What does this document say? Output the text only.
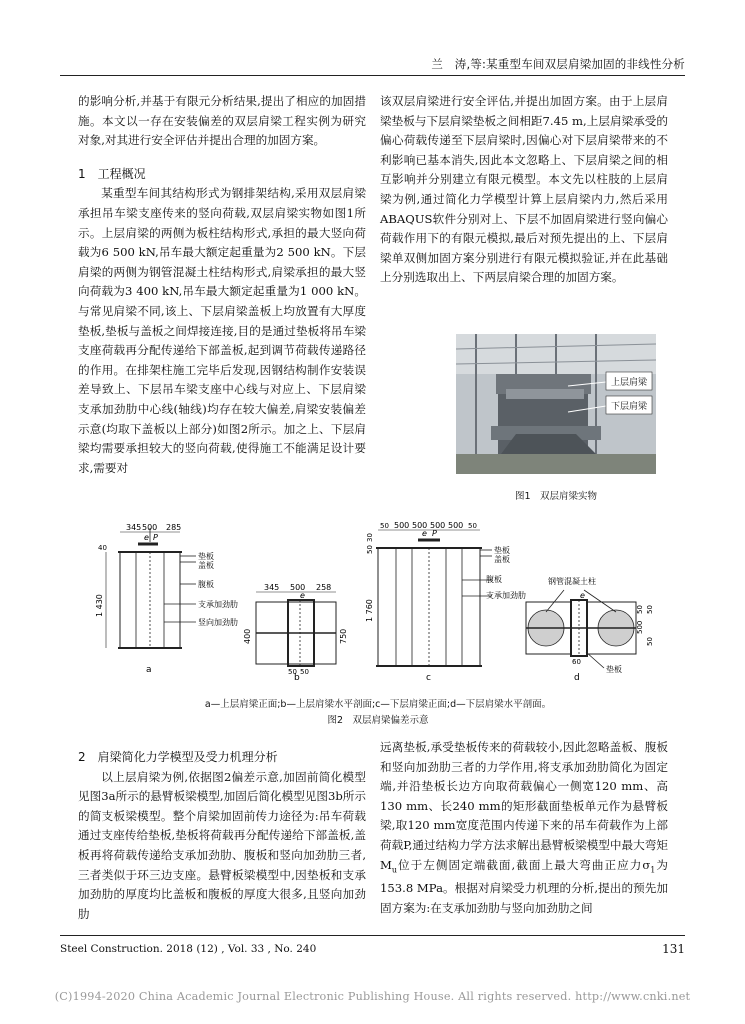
兰　涛,等:某重型车间双层肩梁加固的非线性分析

的影响分析,并基于有限元分析结果,提出了相应的加固措施。本文以一存在安装偏差的双层肩梁工程实例为研究对象,对其进行安全评估并提出合理的加固方案。

1　工程概况

某重型车间其结构形式为钢排架结构,采用双层肩梁承担吊车梁支座传来的竖向荷载,双层肩梁实物如图1所示。上层肩梁的两侧为板柱结构形式,承担的最大竖向荷载为6 500 kN,吊车最大额定起重量为2 500 kN。下层肩梁的两侧为钢管混凝土柱结构形式,肩梁承担的最大竖向荷载为3 400 kN,吊车最大额定起重量为1 000 kN。与常见肩梁不同,该上、下层肩梁盖板上均放置有大厚度垫板,垫板与盖板之间焊接连接,目的是通过垫板将吊车梁支座荷载再分配传递给下部盖板,起到调节荷载传递路径的作用。在排架柱施工完毕后发现,因钢结构制作安装误差导致上、下层吊车梁支座中心线与对应上、下层肩梁支承加劲肋中心线(轴线)均存在较大偏差,肩梁安装偏差示意(均取下盖板以上部分)如图2所示。加之上、下层肩梁均需要承担较大的竖向荷载,使得施工不能满足设计要求,需要对

该双层肩梁进行安全评估,并提出加固方案。由于上层肩梁垫板与下层肩梁垫板之间相距7.45 m,上层肩梁承受的偏心荷载传递至下层肩梁时,因偏心对下层肩梁带来的不利影响已基本消失,因此本文忽略上、下层肩梁之间的相互影响并分别建立有限元模型。本文先以柱肢的上层肩梁为例,通过简化力学模型计算上层肩梁内力,然后采用ABAQUS软件分别对上、下层不加固肩梁进行竖向偏心荷载作用下的有限元模拟,最后对预先提出的上、下层肩梁单双侧加固方案分别进行有限元模拟验证,并在此基础上分别选取出上、下两层肩梁合理的加固方案。

上层肩梁
下层肩梁
图1　双层肩梁实物
345 500 285
e P
40
1 430
垫板
盖板
腹板
支承加劲肋
竖向加劲肋
a
345 500 258
e
400	750
50 50
b
50 500 500 500 500 50
e P
30
50
1 760
垫板
盖板
腹板
支承加劲肋
c
钢管混凝土柱
50
500
50
50
e
60
垫板
d
a—上层肩梁正面;b—上层肩梁水平剖面;c—下层肩梁正面;d—下层肩梁水平剖面。
图2　双层肩梁偏差示意

2　肩梁简化力学模型及受力机理分析

以上层肩梁为例,依据图2偏差示意,加固前简化模型见图3a所示的悬臂板梁模型,加固后简化模型见图3b所示的简支板梁模型。整个肩梁加固前传力途径为:吊车荷载通过支座传给垫板,垫板将荷载再分配传递给下部盖板,盖板再将荷载传递给支承加劲肋、腹板和竖向加劲肋三者,三者类似于环三边支座。悬臂板梁模型中,因垫板和支承加劲肋的厚度均比盖板和腹板的厚度大很多,且竖向加劲肋

远离垫板,承受垫板传来的荷载较小,因此忽略盖板、腹板和竖向加劲肋三者的力学作用,将支承加劲肋简化为固定端,并沿垫板长边方向取荷载偏心一侧宽120 mm、高130 mm、长240 mm的矩形截面垫板单元作为悬臂板梁,取120 mm宽度范围内传递下来的吊车荷载作为上部荷载P,通过结构力学方法求解出悬臂板梁模型中最大弯矩$M_u$位于左侧固定端截面,截面上最大弯曲正应力$\sigma_1$为153.8 MPa。根据对肩梁受力机理的分析,提出的预先加固方案为:在支承加劲肋与竖向加劲肋之间

Steel Construction. 2018 (12) , Vol. 33 , No. 240	131
(C)1994-2020 China Academic Journal Electronic Publishing House. All rights reserved. http://www.cnki.net
